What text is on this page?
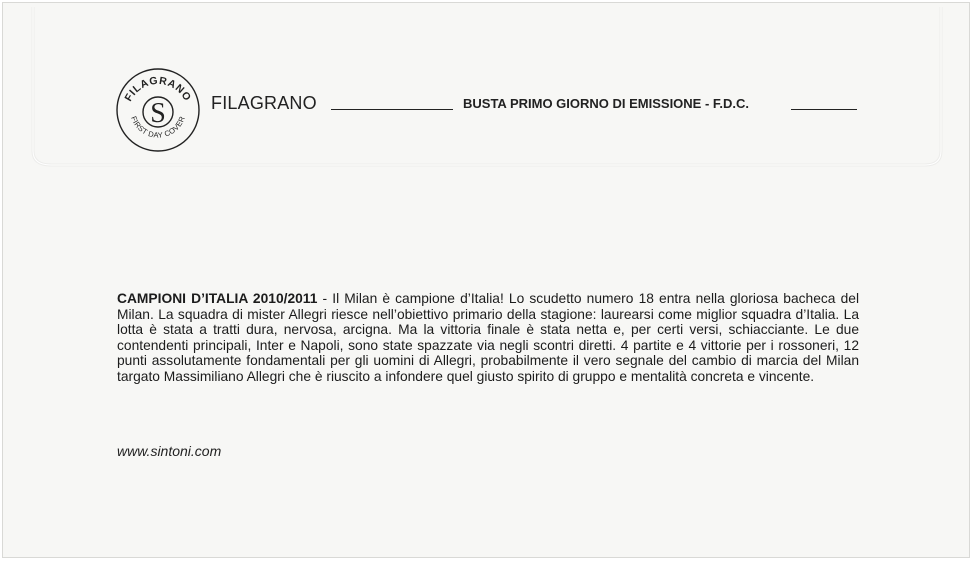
FILAGRANO
S
FIRST DAY COVER
FILAGRANO	BUSTA PRIMO GIORNO DI EMISSIONE - F.D.C.
CAMPIONI D’ITALIA 2010/2011 - Il Milan è campione d’Italia! Lo scudetto numero 18 entra nella gloriosa bacheca del Milan. La squadra di mister Allegri riesce nell’obiettivo primario della stagione: laurearsi come miglior squadra d’Italia. La lotta è stata a tratti dura, nervosa, arcigna. Ma la vittoria finale è stata netta e, per certi versi, schiacciante. Le due contendenti principali, Inter e Napoli, sono state spazzate via negli scontri diretti. 4 partite e 4 vittorie per i rossoneri, 12 punti assolutamente fondamentali per gli uomini di Allegri, probabilmente il vero segnale del cambio di marcia del Milan targato Massimiliano Allegri che è riuscito a infondere quel giusto spirito di gruppo e mentalità concreta e vincente.
www.sintoni.com
